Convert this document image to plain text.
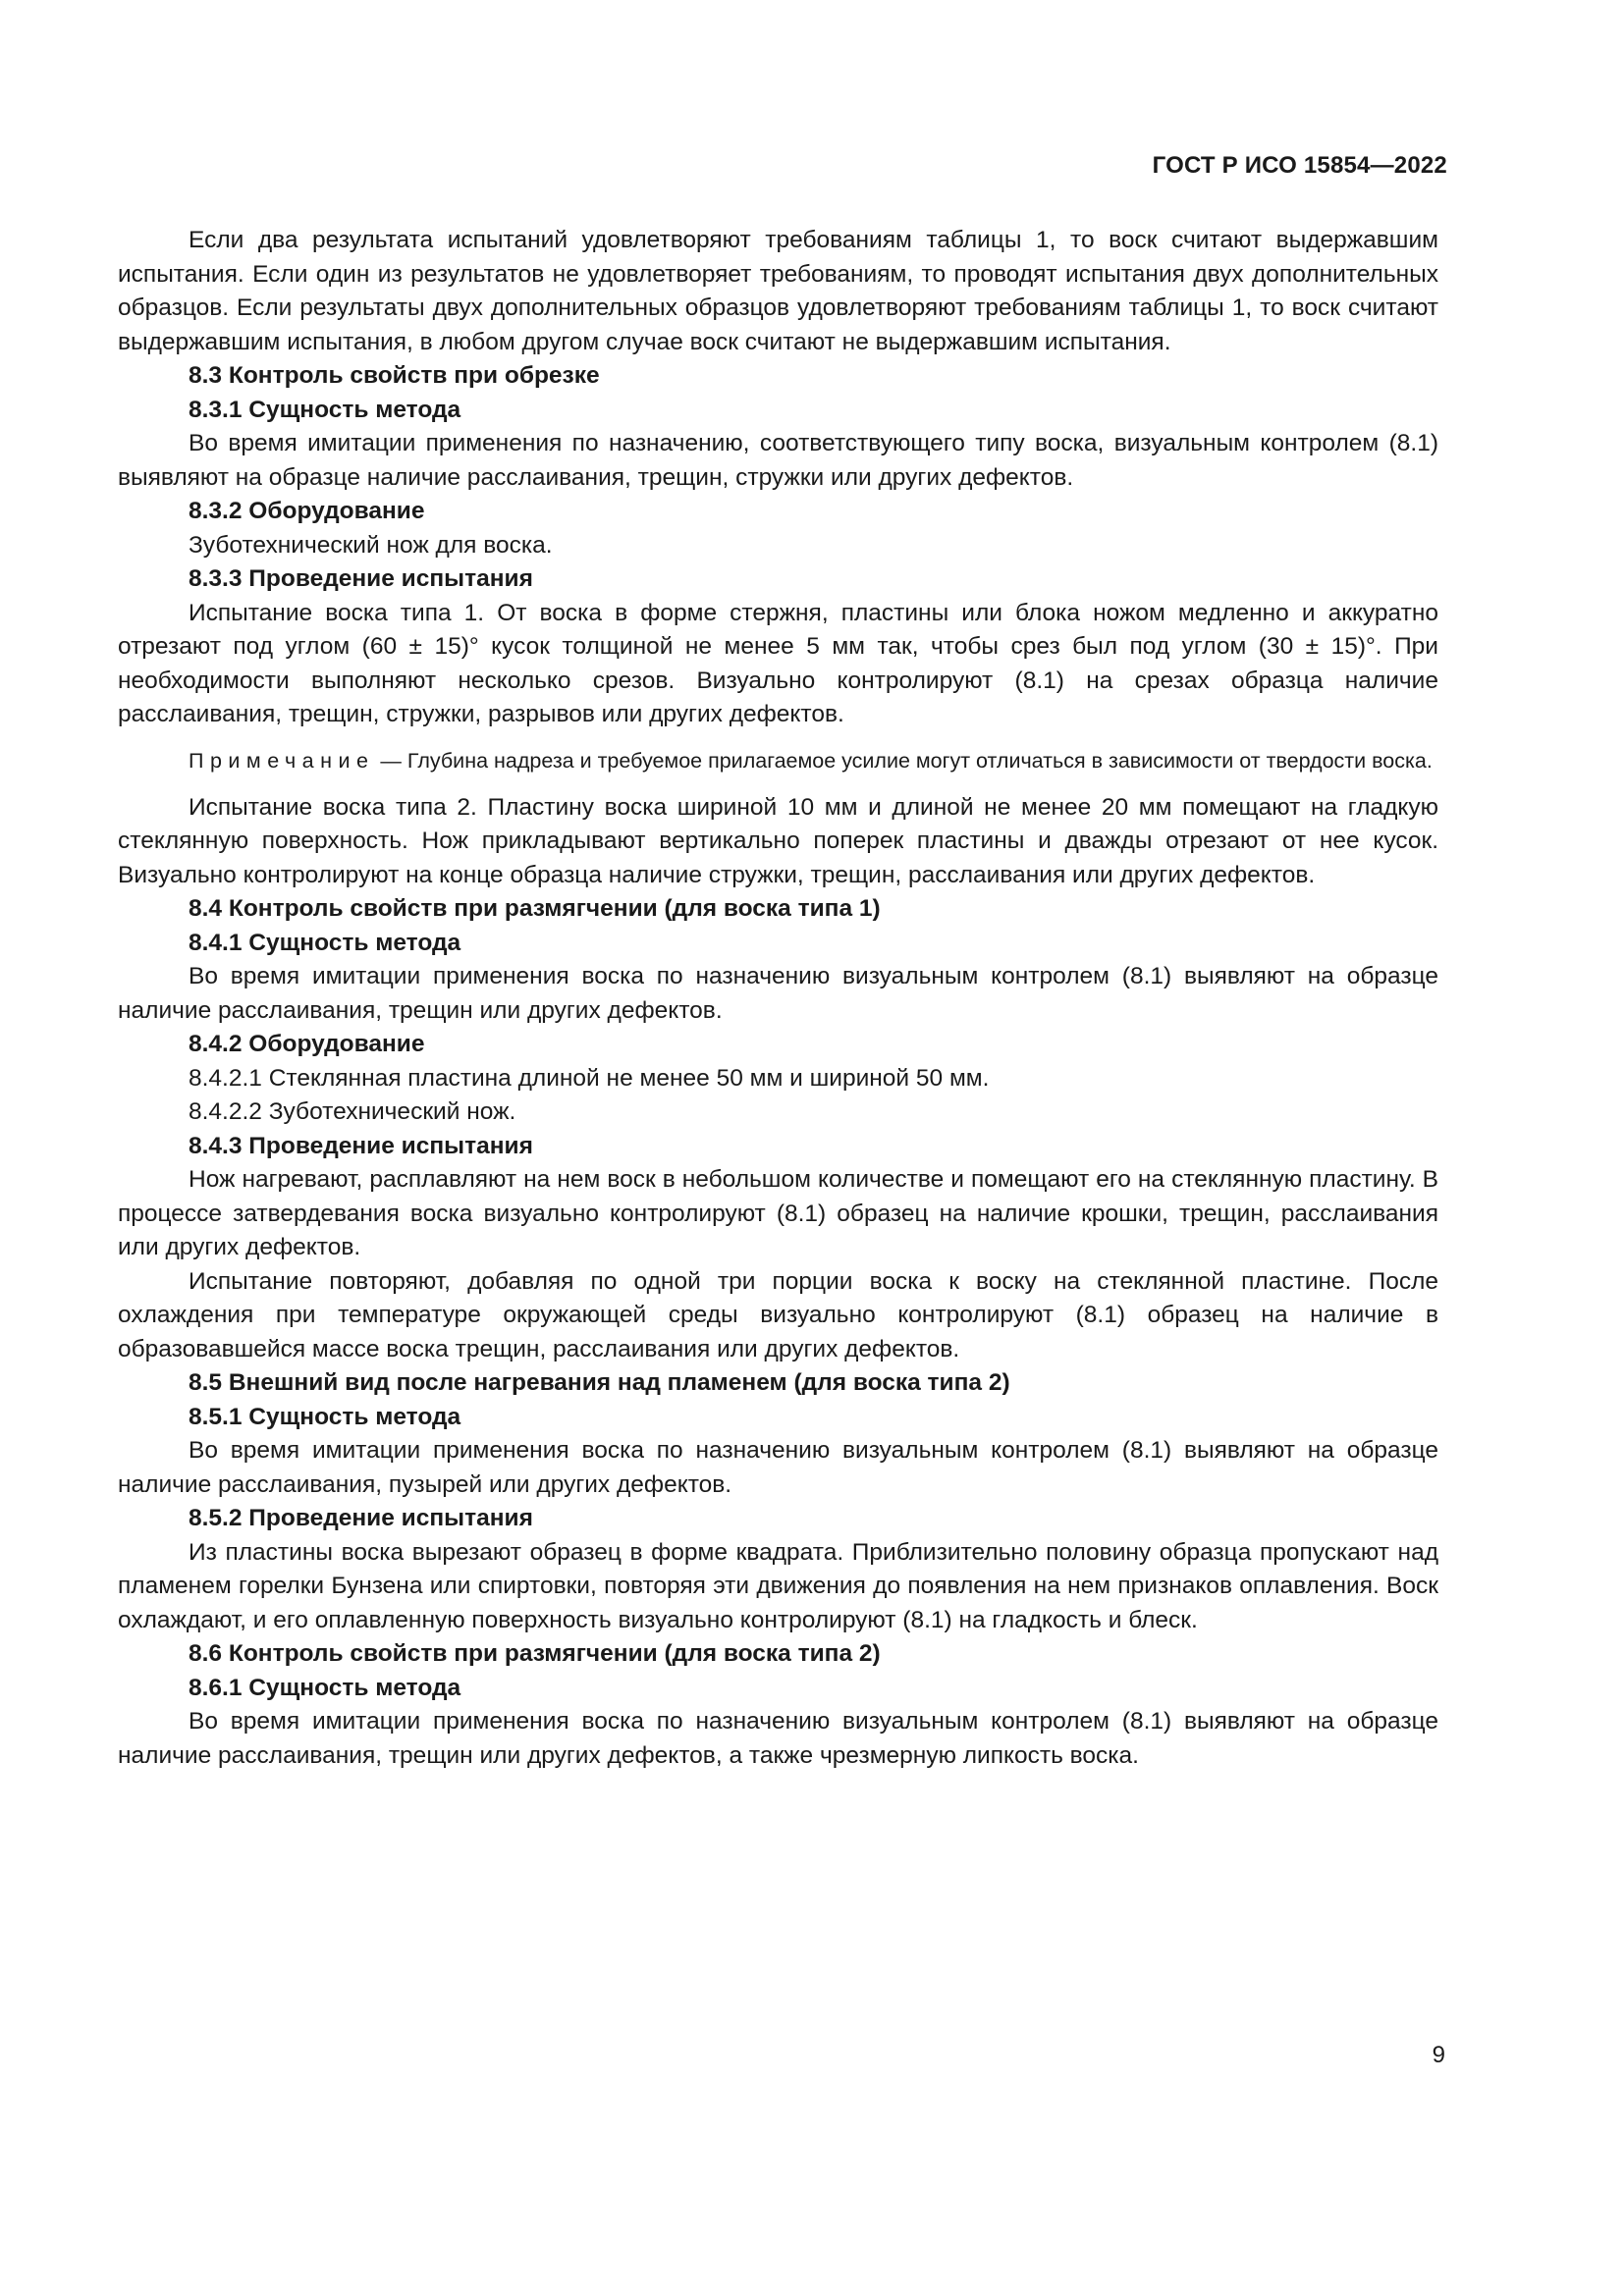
ГОСТ Р ИСО 15854—2022

Если два результата испытаний удовлетворяют требованиям таблицы 1, то воск считают выдержавшим испытания. Если один из результатов не удовлетворяет требованиям, то проводят испытания двух дополнительных образцов. Если результаты двух дополнительных образцов удовлетворяют требованиям таблицы 1, то воск считают выдержавшим испытания, в любом другом случае воск считают не выдержавшим испытания.

8.3 Контроль свойств при обрезке
8.3.1 Сущность метода

Во время имитации применения по назначению, соответствующего типу воска, визуальным контролем (8.1) выявляют на образце наличие расслаивания, трещин, стружки или других дефектов.

8.3.2 Оборудование

Зуботехнический нож для воска.

8.3.3 Проведение испытания

Испытание воска типа 1. От воска в форме стержня, пластины или блока ножом медленно и аккуратно отрезают под углом (60 ± 15)° кусок толщиной не менее 5 мм так, чтобы срез был под углом (30 ± 15)°. При необходимости выполняют несколько срезов. Визуально контролируют (8.1) на срезах образца наличие расслаивания, трещин, стружки, разрывов или других дефектов.

Примечание — Глубина надреза и требуемое прилагаемое усилие могут отличаться в зависимости от твердости воска.

Испытание воска типа 2. Пластину воска шириной 10 мм и длиной не менее 20 мм помещают на гладкую стеклянную поверхность. Нож прикладывают вертикально поперек пластины и дважды отрезают от нее кусок. Визуально контролируют на конце образца наличие стружки, трещин, расслаивания или других дефектов.

8.4 Контроль свойств при размягчении (для воска типа 1)
8.4.1 Сущность метода

Во время имитации применения воска по назначению визуальным контролем (8.1) выявляют на образце наличие расслаивания, трещин или других дефектов.

8.4.2 Оборудование

8.4.2.1 Стеклянная пластина длиной не менее 50 мм и шириной 50 мм.

8.4.2.2 Зуботехнический нож.

8.4.3 Проведение испытания

Нож нагревают, расплавляют на нем воск в небольшом количестве и помещают его на стеклянную пластину. В процессе затвердевания воска визуально контролируют (8.1) образец на наличие крошки, трещин, расслаивания или других дефектов.

Испытание повторяют, добавляя по одной три порции воска к воску на стеклянной пластине. После охлаждения при температуре окружающей среды визуально контролируют (8.1) образец на наличие в образовавшейся массе воска трещин, расслаивания или других дефектов.

8.5 Внешний вид после нагревания над пламенем (для воска типа 2)
8.5.1 Сущность метода

Во время имитации применения воска по назначению визуальным контролем (8.1) выявляют на образце наличие расслаивания, пузырей или других дефектов.

8.5.2 Проведение испытания

Из пластины воска вырезают образец в форме квадрата. Приблизительно половину образца пропускают над пламенем горелки Бунзена или спиртовки, повторяя эти движения до появления на нем признаков оплавления. Воск охлаждают, и его оплавленную поверхность визуально контролируют (8.1) на гладкость и блеск.

8.6 Контроль свойств при размягчении (для воска типа 2)
8.6.1 Сущность метода

Во время имитации применения воска по назначению визуальным контролем (8.1) выявляют на образце наличие расслаивания, трещин или других дефектов, а также чрезмерную липкость воска.

9
